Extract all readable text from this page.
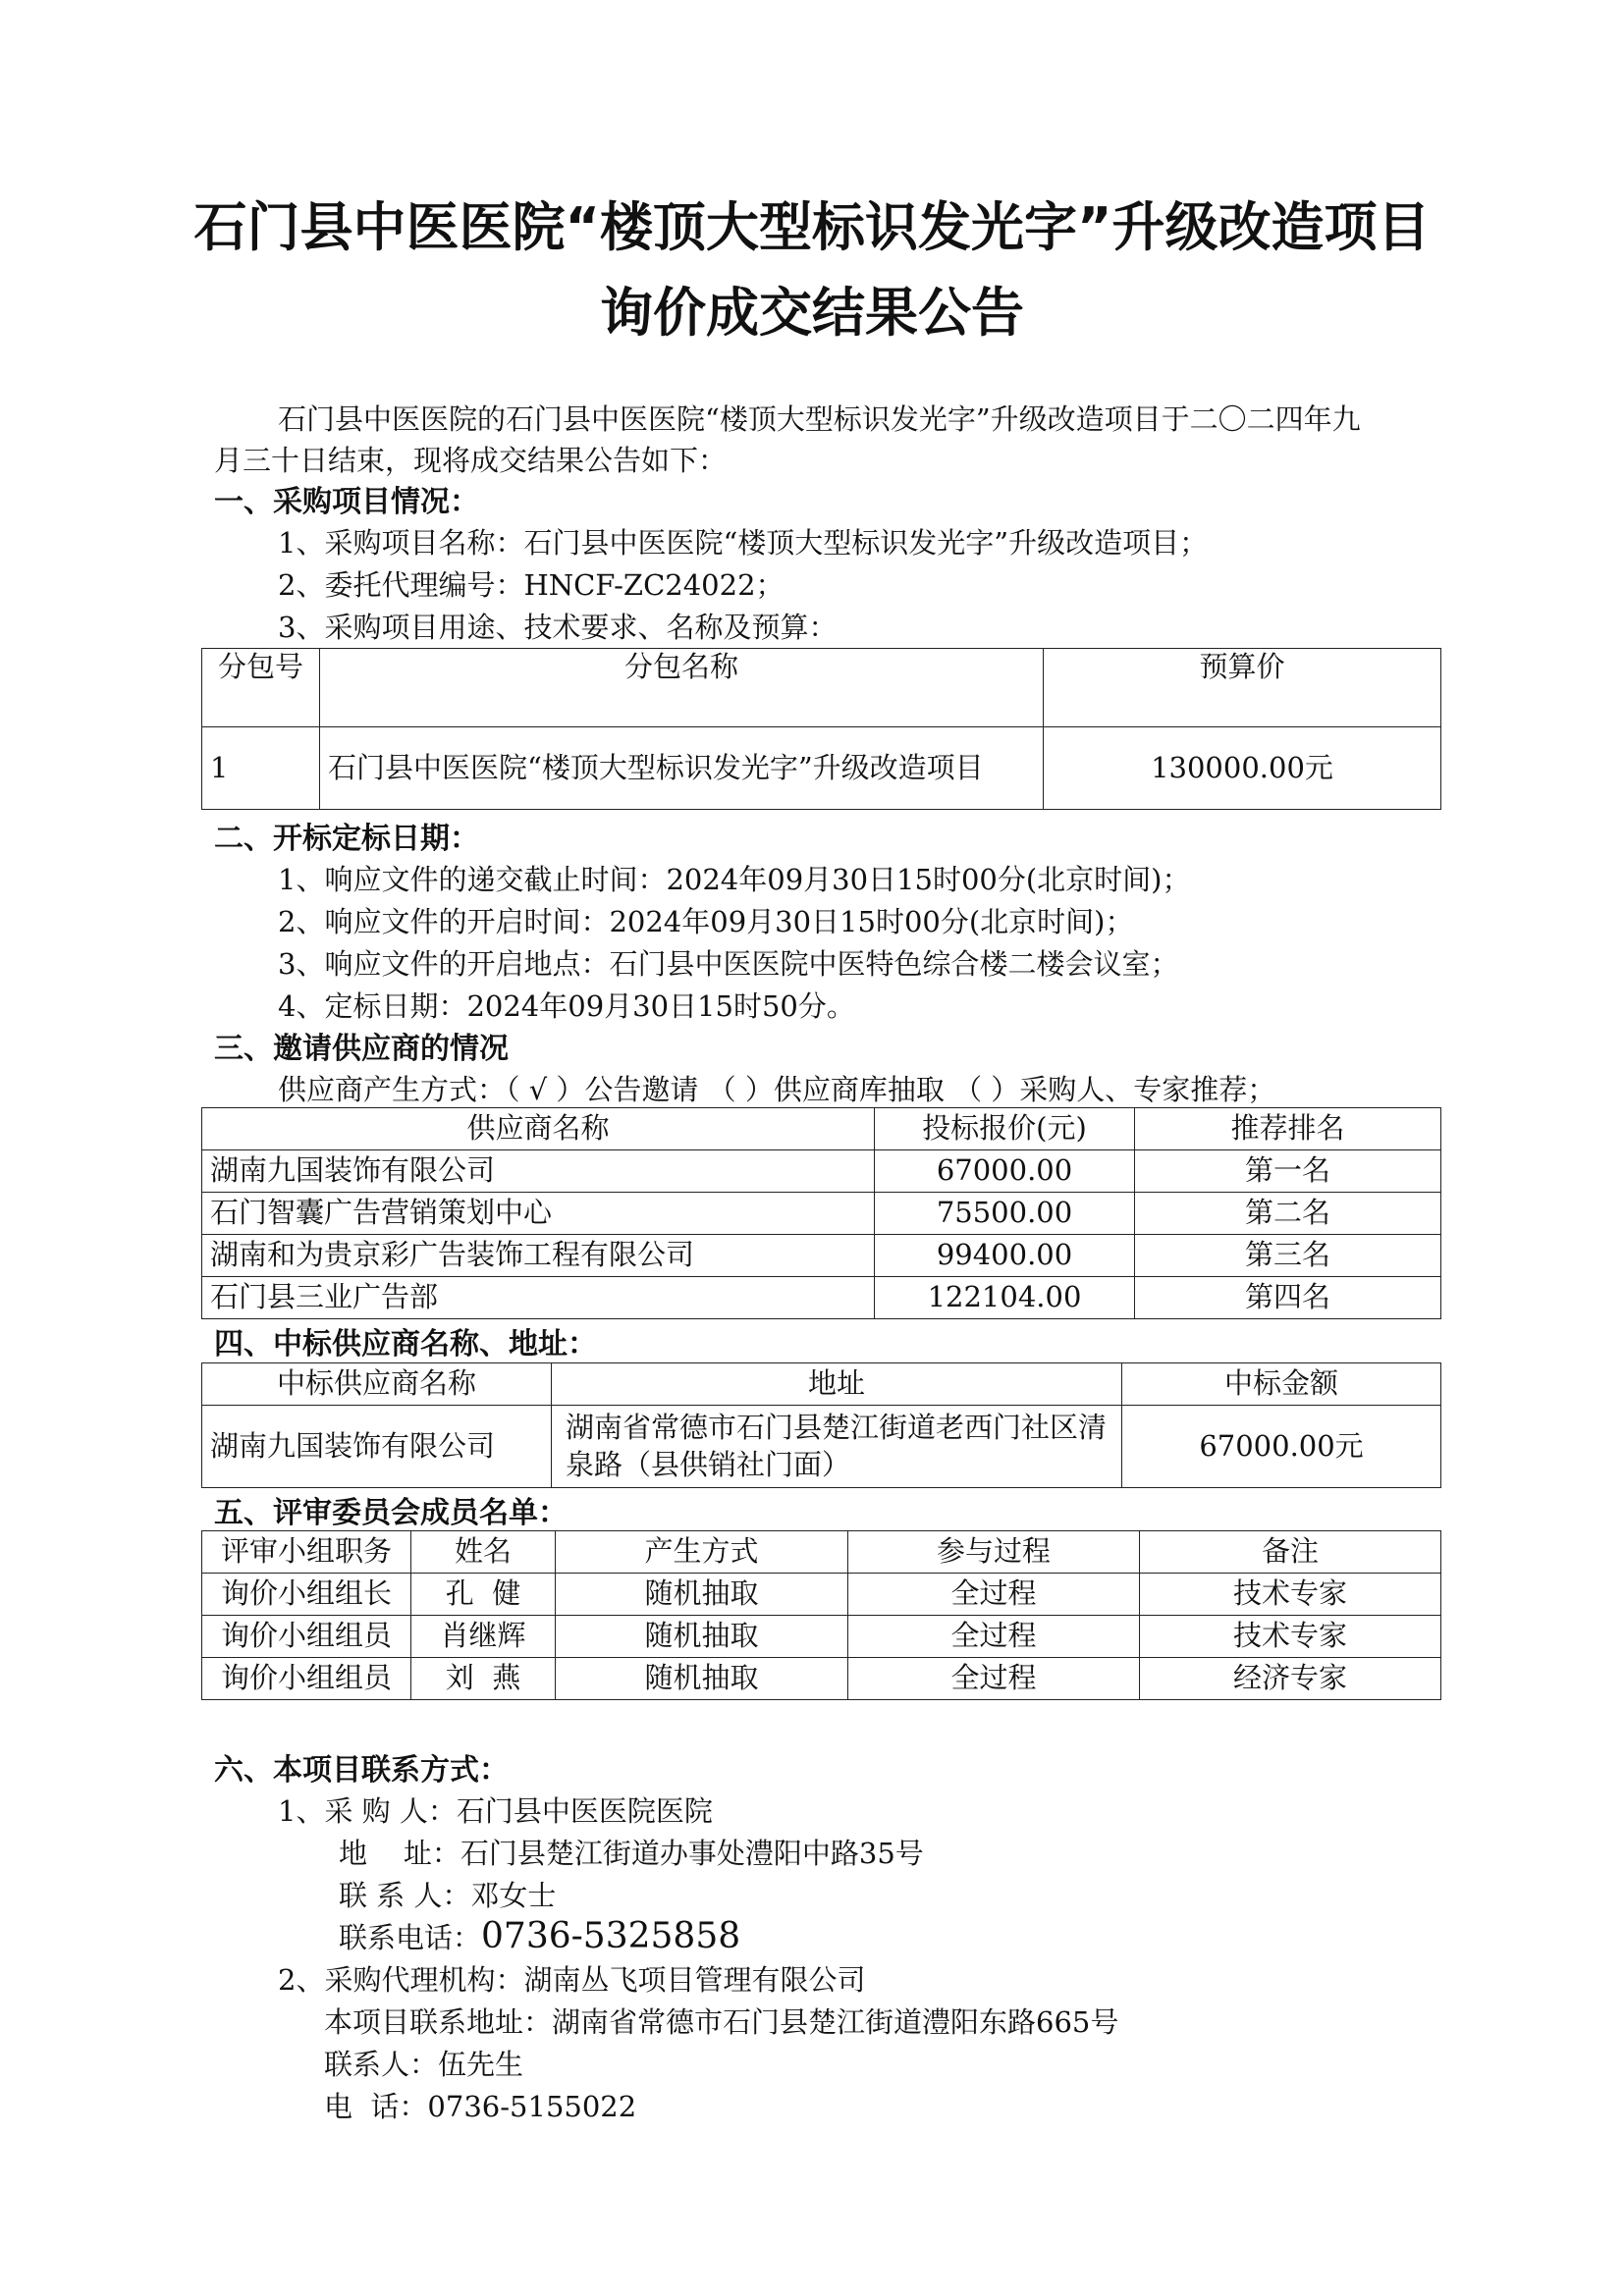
石门县中医医院“楼顶大型标识发光字”升级改造项目
询价成交结果公告

石门县中医医院的石门县中医医院“楼顶大型标识发光字”升级改造项目于二〇二四年九

月三十日结束，现将成交结果公告如下：

一、采购项目情况：

1、采购项目名称：石门县中医医院“楼顶大型标识发光字”升级改造项目；

2、委托代理编号：HNCF-ZC24022；

3、采购项目用途、技术要求、名称及预算：

分包号	分包名称	预算价
1	石门县中医医院“楼顶大型标识发光字”升级改造项目	130000.00元
二、开标定标日期：

1、响应文件的递交截止时间：2024年09月30日15时00分(北京时间)；

2、响应文件的开启时间：2024年09月30日15时00分(北京时间)；

3、响应文件的开启地点：石门县中医医院中医特色综合楼二楼会议室；

4、定标日期：2024年09月30日15时50分。

三、邀请供应商的情况

供应商产生方式：（ √ ）公告邀请 （ ）供应商库抽取 （ ）采购人、专家推荐；

供应商名称	投标报价(元)	推荐排名
湖南九国装饰有限公司	67000.00	第一名
石门智囊广告营销策划中心	75500.00	第二名
湖南和为贵京彩广告装饰工程有限公司	99400.00	第三名
石门县三业广告部	122104.00	第四名
四、中标供应商名称、地址：
中标供应商名称	地址	中标金额
湖南九国装饰有限公司	湖南省常德市石门县楚江街道老西门社区清泉路（县供销社门面）	67000.00元
五、评审委员会成员名单：
评审小组职务	姓名	产生方式	参与过程	备注
询价小组组长	孔  健	随机抽取	全过程	技术专家
询价小组组员	肖继辉	随机抽取	全过程	技术专家
询价小组组员	刘  燕	随机抽取	全过程	经济专家
六、本项目联系方式：

1、采 购 人：石门县中医医院医院

地    址：石门县楚江街道办事处澧阳中路35号

联 系 人：邓女士

联系电话：0736-5325858

2、采购代理机构：湖南丛飞项目管理有限公司

本项目联系地址：湖南省常德市石门县楚江街道澧阳东路665号

联系人：伍先生

电  话：0736-5155022
